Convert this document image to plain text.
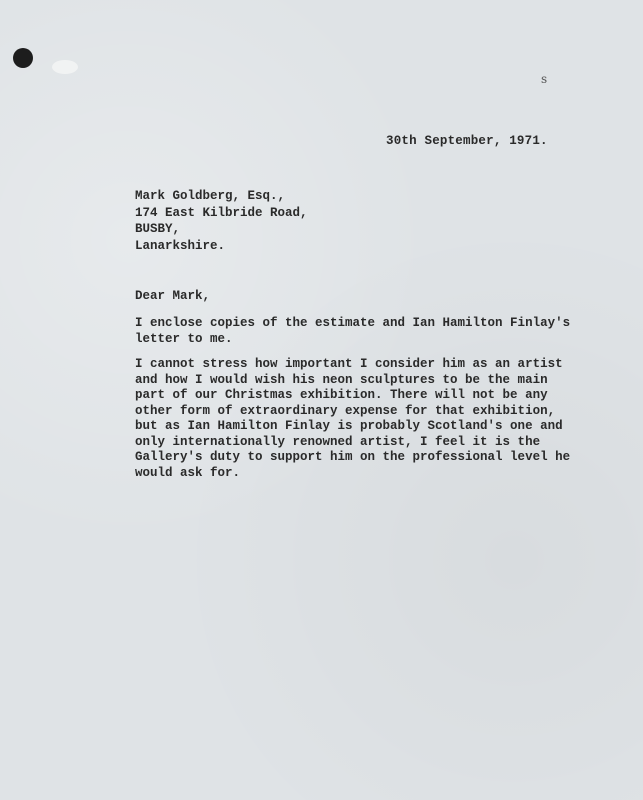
s
30th September, 1971.
Mark Goldberg, Esq.,
174 East Kilbride Road,
BUSBY,
Lanarkshire.
Dear Mark,
I enclose copies of the estimate and Ian Hamilton Finlay's
letter to me.
I cannot stress how important I consider him as an artist
and how I would wish his neon sculptures to be the main
part of our Christmas exhibition. There will not be any
other form of extraordinary expense for that exhibition,
but as Ian Hamilton Finlay is probably Scotland's one and
only internationally renowned artist, I feel it is the
Gallery's duty to support him on the professional level he
would ask for.
